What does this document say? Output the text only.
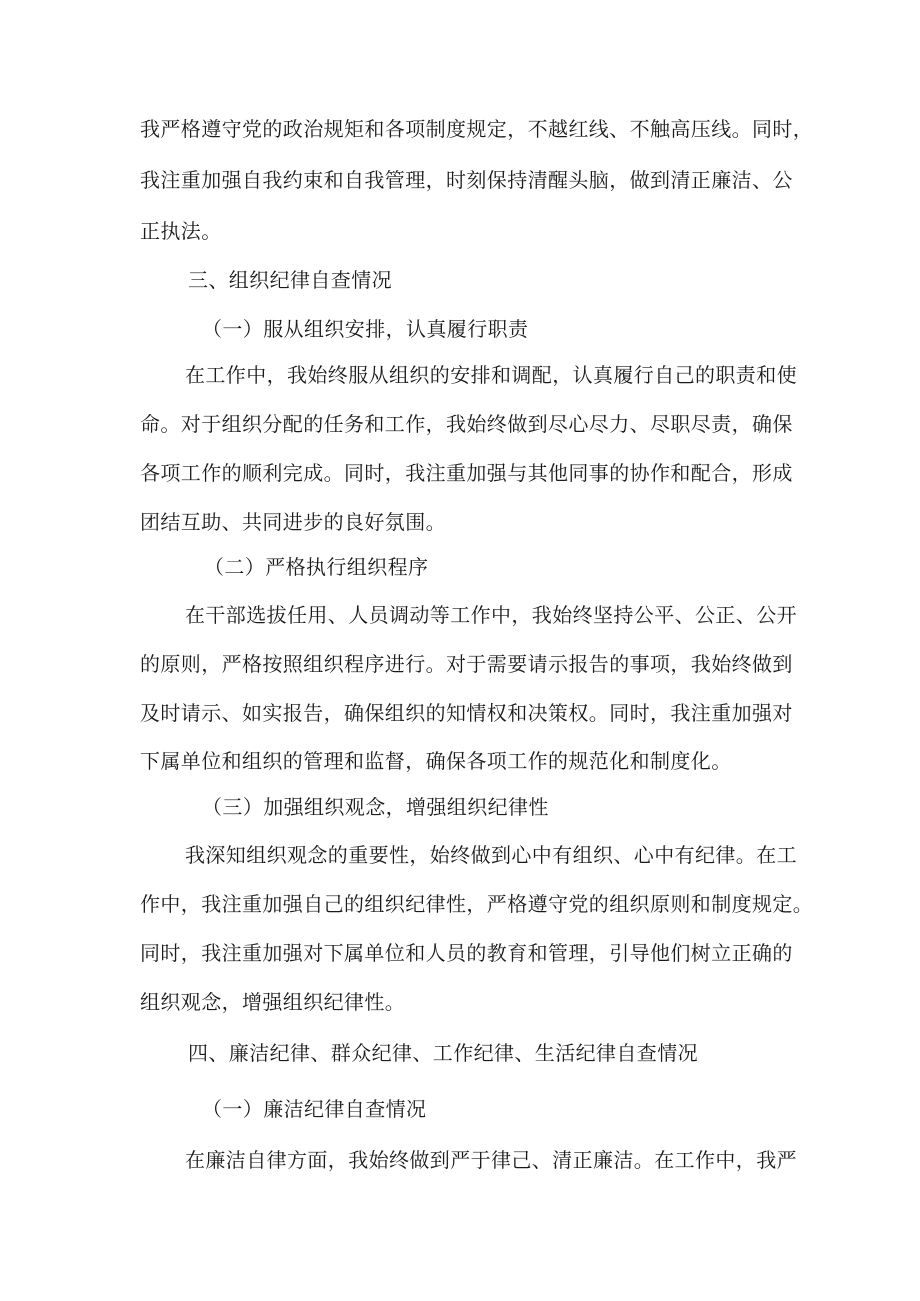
我严格遵守党的政治规矩和各项制度规定，不越红线、不触高压线。同时，
我注重加强自我约束和自我管理，时刻保持清醒头脑，做到清正廉洁、公
正执法。
三、组织纪律自查情况
（一）服从组织安排，认真履行职责
在工作中，我始终服从组织的安排和调配，认真履行自己的职责和使
命。对于组织分配的任务和工作，我始终做到尽心尽力、尽职尽责，确保
各项工作的顺利完成。同时，我注重加强与其他同事的协作和配合，形成
团结互助、共同进步的良好氛围。
（二）严格执行组织程序
在干部选拔任用、人员调动等工作中，我始终坚持公平、公正、公开
的原则，严格按照组织程序进行。对于需要请示报告的事项，我始终做到
及时请示、如实报告，确保组织的知情权和决策权。同时，我注重加强对
下属单位和组织的管理和监督，确保各项工作的规范化和制度化。
（三）加强组织观念，增强组织纪律性
我深知组织观念的重要性，始终做到心中有组织、心中有纪律。在工
作中，我注重加强自己的组织纪律性，严格遵守党的组织原则和制度规定。
同时，我注重加强对下属单位和人员的教育和管理，引导他们树立正确的
组织观念，增强组织纪律性。
四、廉洁纪律、群众纪律、工作纪律、生活纪律自查情况
（一）廉洁纪律自查情况
在廉洁自律方面，我始终做到严于律己、清正廉洁。在工作中，我严
